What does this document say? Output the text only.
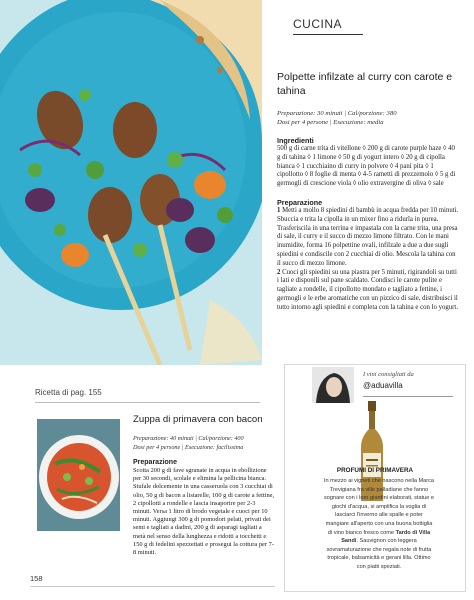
CUCINA
Polpette infilzate al curry con carote e tahina
Preparazione: 30 minuti | Cal/porzione: 380
Dosi per 4 persone | Esecuzione: media
Ingredienti
500 g di carne trita di vitellone ◊ 200 g di carote purple haze ◊ 40 g di tahina ◊ 1 limone ◊ 50 g di yogurt intero ◊ 20 g di cipolla bianca ◊ 1 cucchiaino di curry in polvere ◊ 4 pani pita ◊ 1 cipollotto ◊ 8 foglie di menta ◊ 4-5 rametti di prezzemolo ◊ 5 g di germogli di crescione viola ◊ olio extravergine di oliva ◊ sale
Preparazione
1 Metti a mollo 8 spiedini di bambù in acqua fredda per 10 minuti. Sbuccia e trita la cipolla in un mixer fino a ridurla in purea. Trasferiscila in una terrina e impastala con la carne trita, una presa di sale, il curry e il succo di mezzo limone filtrato. Con le mani inumidite, forma 16 polpettine ovali, infilzale a due a due sugli spiedini e condiscile con 2 cucchiai di olio. Mescola la tahina con il succo di mezzo limone.
2 Cuoci gli spiedini su una piastra per 5 minuti, rigirandoli su tutti i lati e disponili sul pane scaldato. Condisci le carote pulite e tagliate a rondelle, il cipollotto mondato e tagliato a fettine, i germogli e le erbe aromatiche con un pizzico di sale, distribuisci il tutto intorno agli spiedini e completa con la tahina e con lo yogurt.
Ricetta di pag. 155
Zuppa di primavera con bacon
Preparazione: 40 minuti | Cal/porzione: 400
Dosi per 4 persone | Esecuzione: facilissima
Preparazione
Scotta 200 g di fave sgranate in acqua in ebollizione per 30 secondi, scolale e elimina la pellicina bianca. Stufale dolcemente in una casseruola con 3 cucchiai di olio, 50 g di bacon a listarelle, 100 g di carote a fettine, 2 cipollotti a rondelle e lascia insaporire per 2-3 minuti. Versa 1 litro di brodo vegetale e cuoci per 10 minuti. Aggiungi 300 g di pomodori pelati, privati dei semi e tagliati a dadini, 200 g di asparagi tagliati a metà nel senso della lunghezza e ridotti a tocchetti e 150 g di fedelini spezzettati e prosegui la cottura per 7-8 minuti.
158
I vini consigliati da
@aduavilla
PROFUMI DI PRIMAVERA
In mezzo ai vigneti che nascono nella Marca Trevigiana fra ville palladiane che fanno sognare con i loro giardini elaborati, statue e giochi d'acqua, si amplifica la voglia di lasciarci l'inverno alle spalle e poter mangiare all'aperto con una buona bottiglia di vino bianco fresco come Tardo di Villa Sandi. Sauvignon con leggera sovramaturazione che regala note di frutta tropicale, balsamicità e gerani lilla. Ottimo con piatti speziati.
